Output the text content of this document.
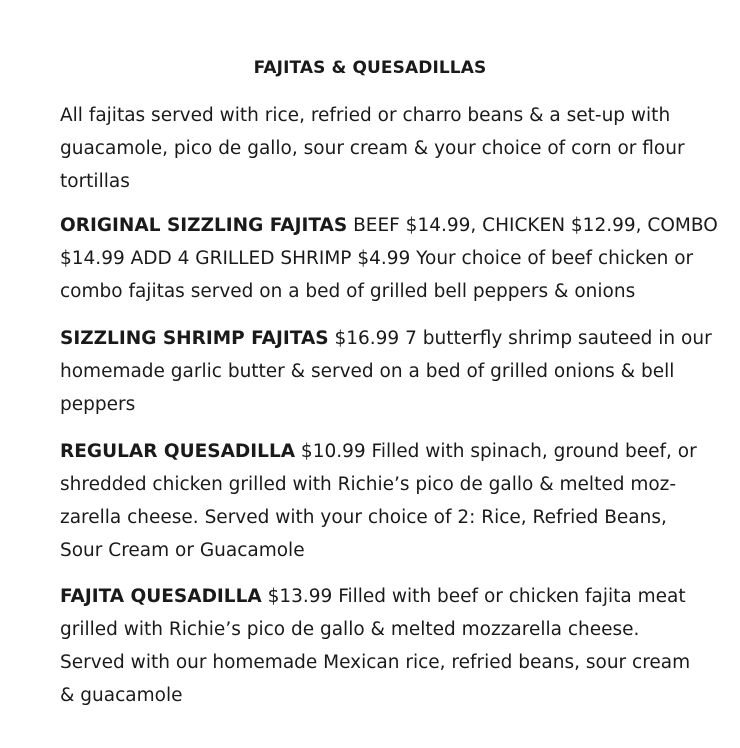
FAJITAS & QUESADILLAS
All fajitas served with rice, refried or charro beans & a set-up with
guacamole, pico de gallo, sour cream & your choice of corn or flour
tortillas
ORIGINAL SIZZLING FAJITAS BEEF $14.99, CHICKEN $12.99, COMBO
$14.99 ADD 4 GRILLED SHRIMP $4.99 Your choice of beef chicken or
combo fajitas served on a bed of grilled bell peppers & onions
SIZZLING SHRIMP FAJITAS $16.99 7 butterfly shrimp sauteed in our
homemade garlic butter & served on a bed of grilled onions & bell
peppers
REGULAR QUESADILLA $10.99 Filled with spinach, ground beef, or
shredded chicken grilled with Richie’s pico de gallo & melted moz-
zarella cheese. Served with your choice of 2: Rice, Refried Beans,
Sour Cream or Guacamole
FAJITA QUESADILLA $13.99 Filled with beef or chicken fajita meat
grilled with Richie’s pico de gallo & melted mozzarella cheese.
Served with our homemade Mexican rice, refried beans, sour cream
& guacamole
